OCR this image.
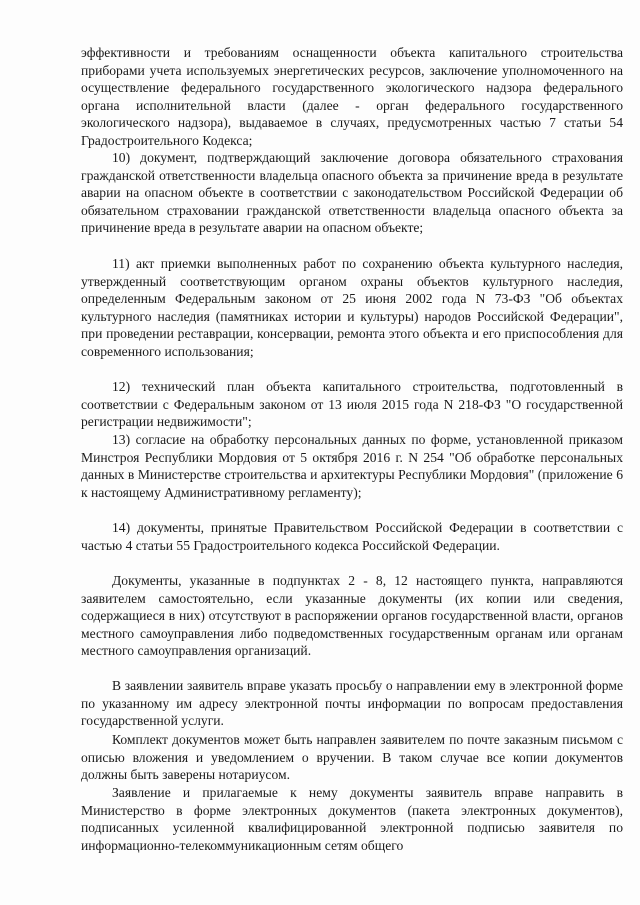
эффективности и требованиям оснащенности объекта капитального строительства приборами учета используемых энергетических ресурсов, заключение уполномоченного на осуществление федерального государственного экологического надзора федерального органа исполнительной власти (далее - орган федерального государственного экологического надзора), выдаваемое в случаях, предусмотренных частью 7 статьи 54 Градостроительного Кодекса;

10) документ, подтверждающий заключение договора обязательного страхования гражданской ответственности владельца опасного объекта за причинение вреда в результате аварии на опасном объекте в соответствии с законодательством Российской Федерации об обязательном страховании гражданской ответственности владельца опасного объекта за причинение вреда в результате аварии на опасном объекте;

11) акт приемки выполненных работ по сохранению объекта культурного наследия, утвержденный соответствующим органом охраны объектов культурного наследия, определенным Федеральным законом от 25 июня 2002 года N 73-ФЗ "Об объектах культурного наследия (памятниках истории и культуры) народов Российской Федерации", при проведении реставрации, консервации, ремонта этого объекта и его приспособления для современного использования;

12) технический план объекта капитального строительства, подготовленный в соответствии с Федеральным законом от 13 июля 2015 года N 218-ФЗ "О государственной регистрации недвижимости";

13) согласие на обработку персональных данных по форме, установленной приказом Минстроя Республики Мордовия от 5 октября 2016 г. N 254 "Об обработке персональных данных в Министерстве строительства и архитектуры Республики Мордовия" (приложение 6 к настоящему Административному регламенту);

14) документы, принятые Правительством Российской Федерации в соответствии с частью 4 статьи 55 Градостроительного кодекса Российской Федерации.

Документы, указанные в подпунктах 2 - 8, 12 настоящего пункта, направляются заявителем самостоятельно, если указанные документы (их копии или сведения, содержащиеся в них) отсутствуют в распоряжении органов государственной власти, органов местного самоуправления либо подведомственных государственным органам или органам местного самоуправления организаций.

В заявлении заявитель вправе указать просьбу о направлении ему в электронной форме по указанному им адресу электронной почты информации по вопросам предоставления государственной услуги.

Комплект документов может быть направлен заявителем по почте заказным письмом с описью вложения и уведомлением о вручении. В таком случае все копии документов должны быть заверены нотариусом.

Заявление и прилагаемые к нему документы заявитель вправе направить в Министерство в форме электронных документов (пакета электронных документов), подписанных усиленной квалифицированной электронной подписью заявителя по информационно-телекоммуникационным сетям общего
